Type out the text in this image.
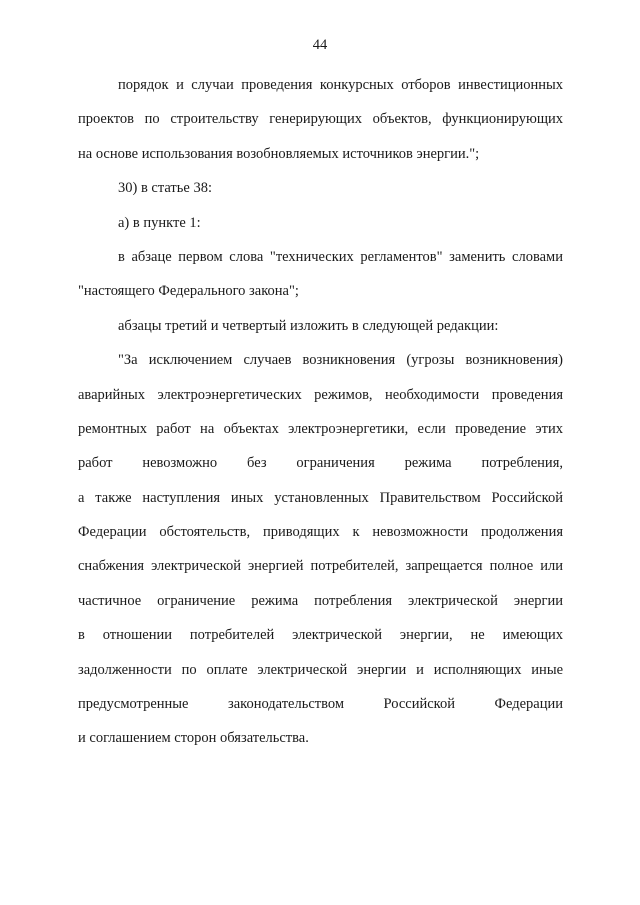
44
порядок и случаи проведения конкурсных отборов инвестиционных
проектов по строительству генерирующих объектов, функционирующих
на основе использования возобновляемых источников энергии.";
30) в статье 38:
а) в пункте 1:
в абзаце первом слова "технических регламентов" заменить словами
"настоящего Федерального закона";
абзацы третий и четвертый изложить в следующей редакции:
"За исключением случаев возникновения (угрозы возникновения)
аварийных электроэнергетических режимов, необходимости проведения
ремонтных работ на объектах электроэнергетики, если проведение этих
работ невозможно без ограничения режима потребления,
а также наступления иных установленных Правительством Российской
Федерации обстоятельств, приводящих к невозможности продолжения
снабжения электрической энергией потребителей, запрещается полное или
частичное ограничение режима потребления электрической энергии
в отношении потребителей электрической энергии, не имеющих
задолженности по оплате электрической энергии и исполняющих иные
предусмотренные законодательством Российской Федерации
и соглашением сторон обязательства.
